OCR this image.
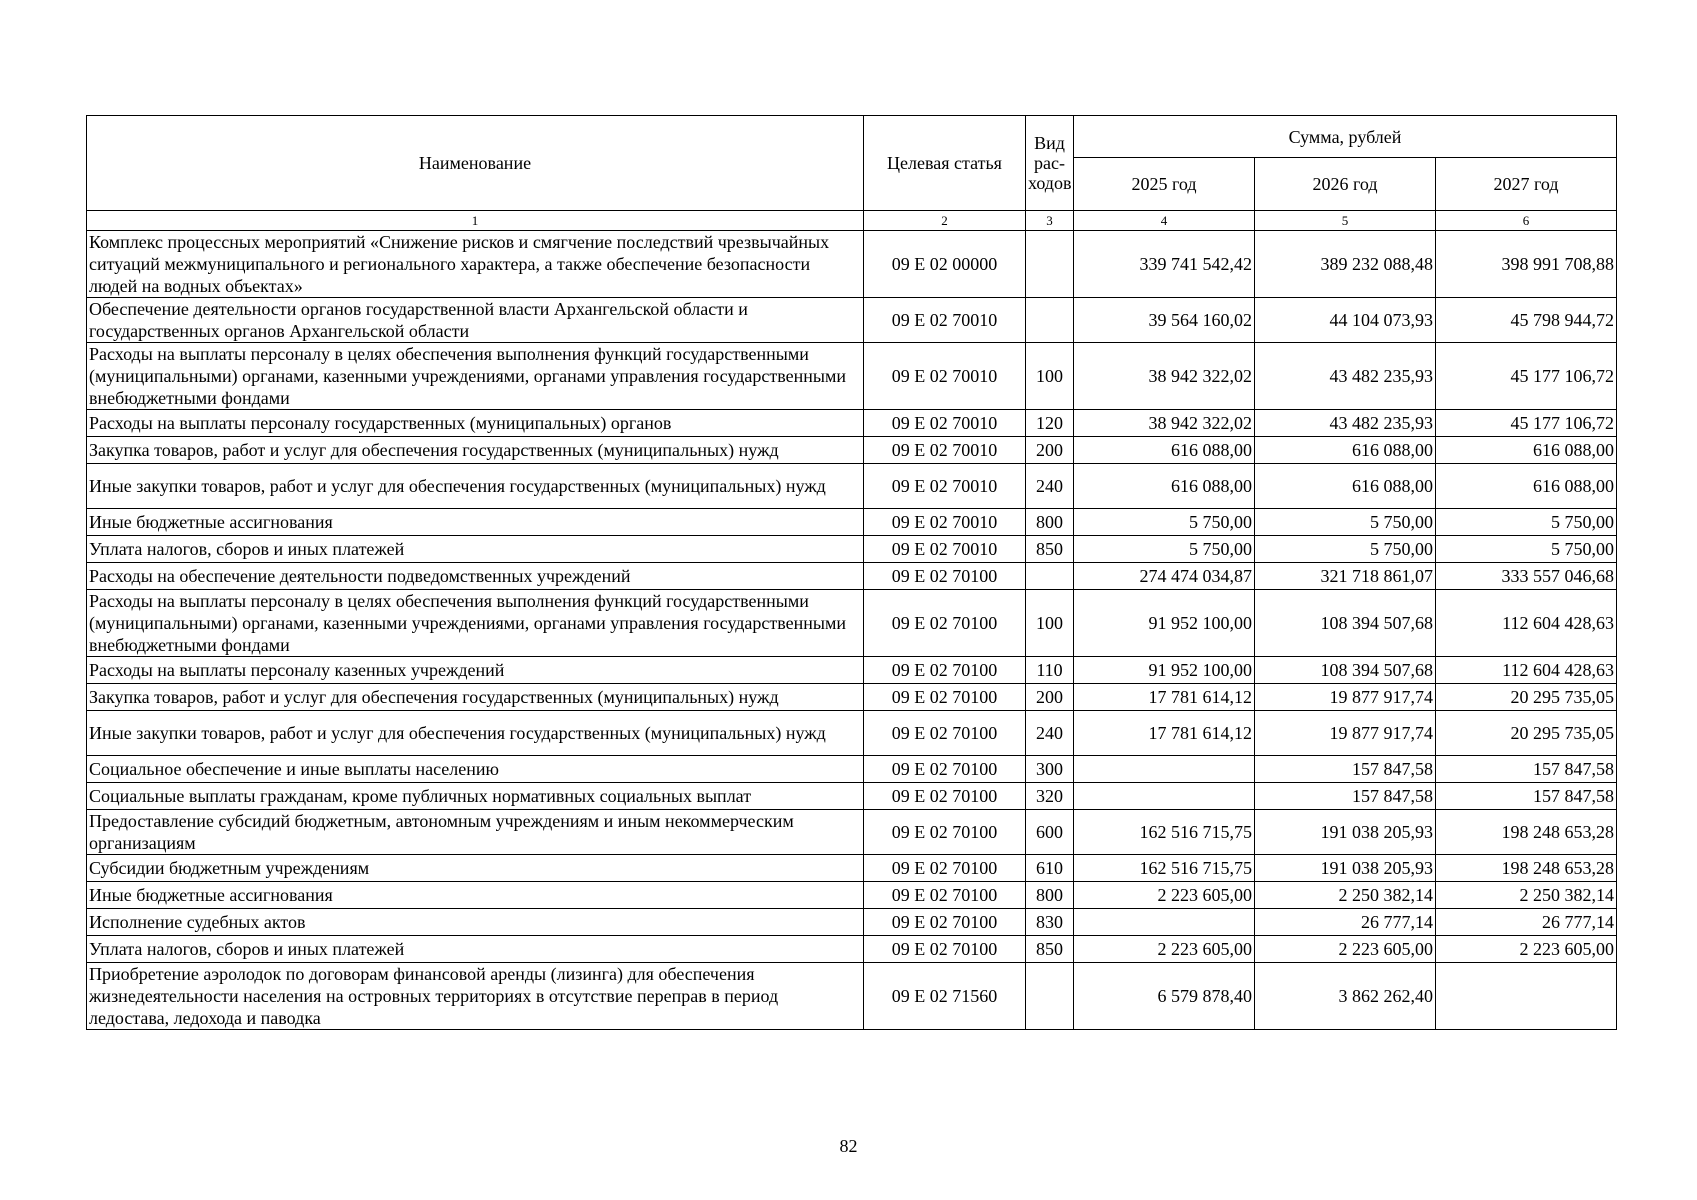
Наименование	Целевая статья	Вид рас-ходов	Сумма, рублей		
			2025 год	2026 год	2027 год
1	2	3	4	5	6
Комплекс процессных мероприятий «Снижение рисков и смягчение последствий чрезвычайных ситуаций межмуниципального и регионального характера, а также обеспечение безопасности людей на водных объектах»	09 Е 02 00000		339 741 542,42	389 232 088,48	398 991 708,88
Обеспечение деятельности органов государственной власти Архангельской области и государственных органов Архангельской области	09 Е 02 70010		39 564 160,02	44 104 073,93	45 798 944,72
Расходы на выплаты персоналу в целях обеспечения выполнения функций государственными (муниципальными) органами, казенными учреждениями, органами управления государственными внебюджетными фондами	09 Е 02 70010	100	38 942 322,02	43 482 235,93	45 177 106,72
Расходы на выплаты персоналу государственных (муниципальных) органов	09 Е 02 70010	120	38 942 322,02	43 482 235,93	45 177 106,72
Закупка товаров, работ и услуг для обеспечения государственных (муниципальных) нужд	09 Е 02 70010	200	616 088,00	616 088,00	616 088,00
Иные закупки товаров, работ и услуг для обеспечения государственных (муниципальных) нужд	09 Е 02 70010	240	616 088,00	616 088,00	616 088,00
Иные бюджетные ассигнования	09 Е 02 70010	800	5 750,00	5 750,00	5 750,00
Уплата налогов, сборов и иных платежей	09 Е 02 70010	850	5 750,00	5 750,00	5 750,00
Расходы на обеспечение деятельности подведомственных учреждений	09 Е 02 70100		274 474 034,87	321 718 861,07	333 557 046,68
Расходы на выплаты персоналу в целях обеспечения выполнения функций государственными (муниципальными) органами, казенными учреждениями, органами управления государственными внебюджетными фондами	09 Е 02 70100	100	91 952 100,00	108 394 507,68	112 604 428,63
Расходы на выплаты персоналу казенных учреждений	09 Е 02 70100	110	91 952 100,00	108 394 507,68	112 604 428,63
Закупка товаров, работ и услуг для обеспечения государственных (муниципальных) нужд	09 Е 02 70100	200	17 781 614,12	19 877 917,74	20 295 735,05
Иные закупки товаров, работ и услуг для обеспечения государственных (муниципальных) нужд	09 Е 02 70100	240	17 781 614,12	19 877 917,74	20 295 735,05
Социальное обеспечение и иные выплаты населению	09 Е 02 70100	300		157 847,58	157 847,58
Социальные выплаты гражданам, кроме публичных нормативных социальных выплат	09 Е 02 70100	320		157 847,58	157 847,58
Предоставление субсидий бюджетным, автономным учреждениям и иным некоммерческим организациям	09 Е 02 70100	600	162 516 715,75	191 038 205,93	198 248 653,28
Субсидии бюджетным учреждениям	09 Е 02 70100	610	162 516 715,75	191 038 205,93	198 248 653,28
Иные бюджетные ассигнования	09 Е 02 70100	800	2 223 605,00	2 250 382,14	2 250 382,14
Исполнение судебных актов	09 Е 02 70100	830		26 777,14	26 777,14
Уплата налогов, сборов и иных платежей	09 Е 02 70100	850	2 223 605,00	2 223 605,00	2 223 605,00
Приобретение аэролодок по договорам финансовой аренды (лизинга) для обеспечения жизнедеятельности населения на островных территориях в отсутствие переправ в период ледостава, ледохода и паводка	09 Е 02 71560		6 579 878,40	3 862 262,40	
82
